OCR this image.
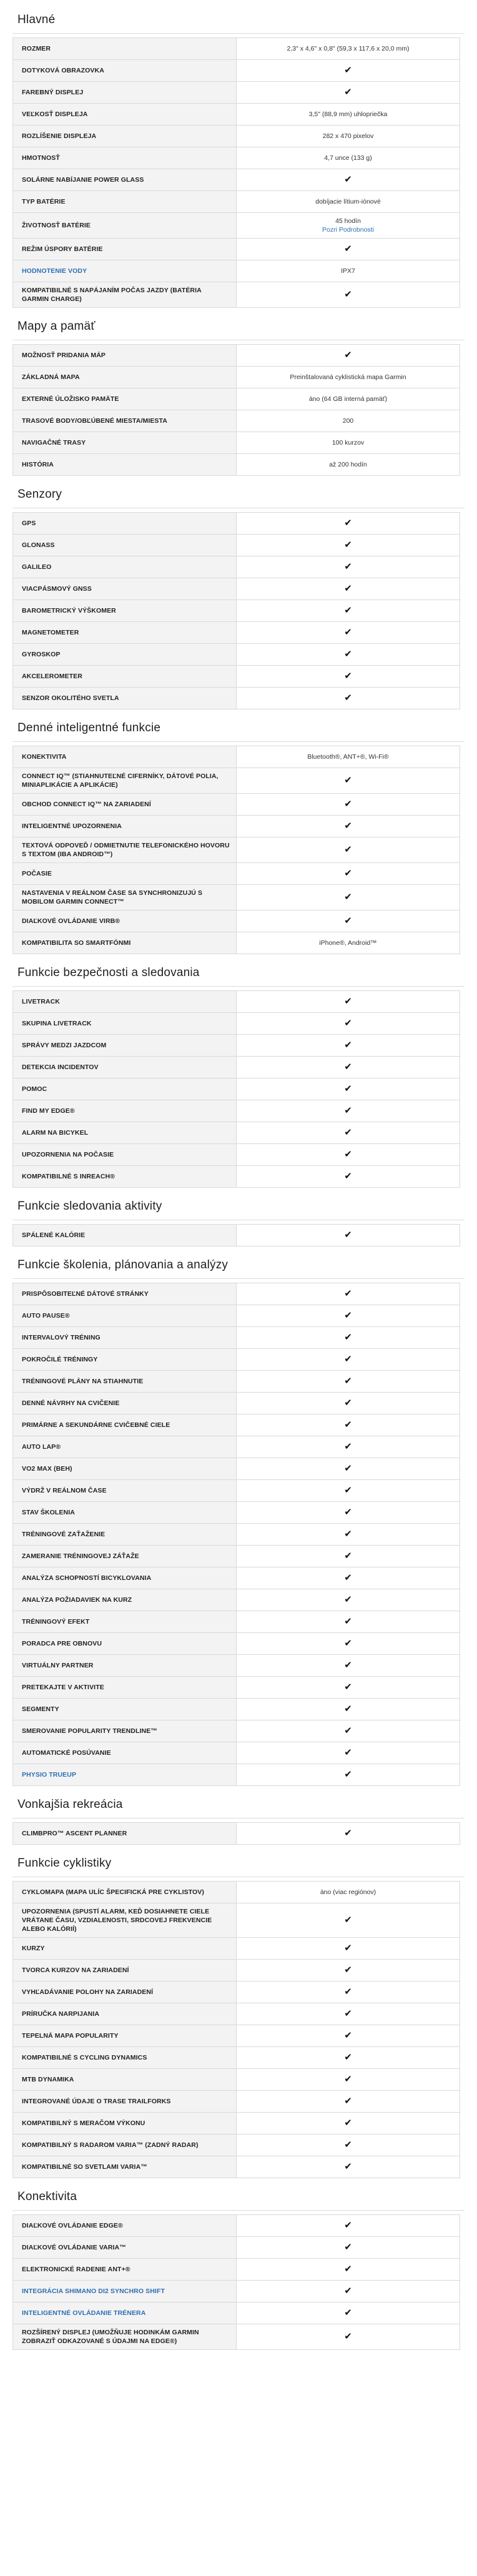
Hlavné
ROZMER	2,3" x 4,6" x 0,8" (59,3 x 117,6 x 20,0 mm)

DOTYKOVÁ OBRAZOVKA	✔
FAREBNÝ DISPLEJ	✔
VEĽKOSŤ DISPLEJA	3,5" (88,9 mm) uhlopriečka

ROZLÍŠENIE DISPLEJA	282 x 470 pixelov

HMOTNOSŤ	4,7 unce (133 g)

SOLÁRNE NABÍJANIE POWER GLASS	✔
TYP BATÉRIE	dobíjacie lítium-iónové

ŽIVOTNOSŤ BATÉRIE	45 hodín
Pozri Podrobnosti

REŽIM ÚSPORY BATÉRIE	✔
HODNOTENIE VODY	IPX7

KOMPATIBILNÉ S NAPÁJANÍM POČAS JAZDY (BATÉRIA GARMIN CHARGE)	✔
Mapy a pamäť
MOŽNOSŤ PRIDANIA MÁP	✔
ZÁKLADNÁ MAPA	Preinštalovaná cyklistická mapa Garmin

EXTERNÉ ÚLOŽISKO PAMÄTE	áno (64 GB interná pamäť)

TRASOVÉ BODY/OBĽÚBENÉ MIESTA/MIESTA	200

NAVIGAČNÉ TRASY	100 kurzov

HISTÓRIA	až 200 hodín
Senzory
GPS	✔
GLONASS	✔
GALILEO	✔
VIACPÁSMOVÝ GNSS	✔
BAROMETRICKÝ VÝŠKOMER	✔
MAGNETOMETER	✔
GYROSKOP	✔
AKCELEROMETER	✔
SENZOR OKOLITÉHO SVETLA	✔
Denné inteligentné funkcie
KONEKTIVITA	Bluetooth®, ANT+®, Wi-Fi®

CONNECT IQ™ (STIAHNUTEĽNÉ CIFERNÍKY, DÁTOVÉ POLIA, MINIAPLIKÁCIE A APLIKÁCIE)	✔
OBCHOD CONNECT IQ™ NA ZARIADENÍ	✔
INTELIGENTNÉ UPOZORNENIA	✔
TEXTOVÁ ODPOVEĎ / ODMIETNUTIE TELEFONICKÉHO HOVORU S TEXTOM (IBA ANDROID™)	✔
POČASIE	✔
NASTAVENIA V REÁLNOM ČASE SA SYNCHRONIZUJÚ S MOBILOM GARMIN CONNECT™	✔
DIAĽKOVÉ OVLÁDANIE VIRB®	✔
KOMPATIBILITA SO SMARTFÓNMI	iPhone®, Android™
Funkcie bezpečnosti a sledovania
LIVETRACK	✔
SKUPINA LIVETRACK	✔
SPRÁVY MEDZI JAZDCOM	✔
DETEKCIA INCIDENTOV	✔
POMOC	✔
FIND MY EDGE®	✔
ALARM NA BICYKEL	✔
UPOZORNENIA NA POČASIE	✔
KOMPATIBILNÉ S INREACH®	✔
Funkcie sledovania aktivity
SPÁLENÉ KALÓRIE	✔
Funkcie školenia, plánovania a analýzy
PRISPÔSOBITEĽNÉ DÁTOVÉ STRÁNKY	✔
AUTO PAUSE®	✔
INTERVALOVÝ TRÉNING	✔
POKROČILÉ TRÉNINGY	✔
TRÉNINGOVÉ PLÁNY NA STIAHNUTIE	✔
DENNÉ NÁVRHY NA CVIČENIE	✔
PRIMÁRNE A SEKUNDÁRNE CVIČEBNÉ CIELE	✔
AUTO LAP®	✔
VO2 MAX (BEH)	✔
VÝDRŽ V REÁLNOM ČASE	✔
STAV ŠKOLENIA	✔
TRÉNINGOVÉ ZAŤAŽENIE	✔
ZAMERANIE TRÉNINGOVEJ ZÁŤAŽE	✔
ANALÝZA SCHOPNOSTÍ BICYKLOVANIA	✔
ANALÝZA POŽIADAVIEK NA KURZ	✔
TRÉNINGOVÝ EFEKT	✔
PORADCA PRE OBNOVU	✔
VIRTUÁLNY PARTNER	✔
PRETEKAJTE V AKTIVITE	✔
SEGMENTY	✔
SMEROVANIE POPULARITY TRENDLINE™	✔
AUTOMATICKÉ POSÚVANIE	✔
PHYSIO TRUEUP	✔
Vonkajšia rekreácia
CLIMBPRO™ ASCENT PLANNER	✔
Funkcie cyklistiky
CYKLOMAPA (MAPA ULÍC ŠPECIFICKÁ PRE CYKLISTOV)	áno (viac regiónov)

UPOZORNENIA (SPUSTÍ ALARM, KEĎ DOSIAHNETE CIELE VRÁTANE ČASU, VZDIALENOSTI, SRDCOVEJ FREKVENCIE ALEBO KALÓRIÍ)	✔
KURZY	✔
TVORCA KURZOV NA ZARIADENÍ	✔
VYHĽADÁVANIE POLOHY NA ZARIADENÍ	✔
PRÍRUČKA NARPIJANIA	✔
TEPELNÁ MAPA POPULARITY	✔
KOMPATIBILNÉ S CYCLING DYNAMICS	✔
MTB DYNAMIKA	✔
INTEGROVANÉ ÚDAJE O TRASE TRAILFORKS	✔
KOMPATIBILNÝ S MERAČOM VÝKONU	✔
KOMPATIBILNÝ S RADAROM VARIA™ (ZADNÝ RADAR)	✔
KOMPATIBILNÉ SO SVETLAMI VARIA™	✔
Konektivita
DIAĽKOVÉ OVLÁDANIE EDGE®	✔
DIAĽKOVÉ OVLÁDANIE VARIA™	✔
ELEKTRONICKÉ RADENIE ANT+®	✔
INTEGRÁCIA SHIMANO DI2 SYNCHRO SHIFT	✔
INTELIGENTNÉ OVLÁDANIE TRÉNERA	✔
ROZŠÍRENÝ DISPLEJ (UMOŽŇUJE HODINKÁM GARMIN ZOBRAZIŤ ODKAZOVANÉ S ÚDAJMI NA EDGE®)	✔
